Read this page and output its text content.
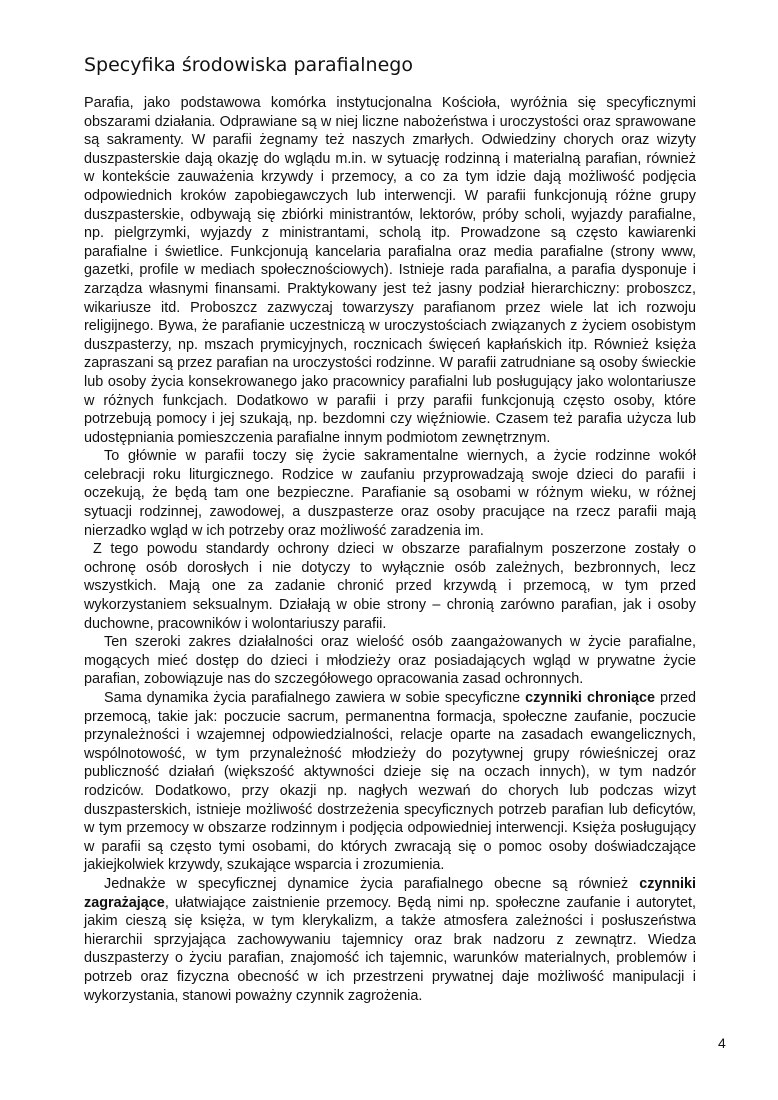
Specyfika środowiska parafialnego

Parafia, jako podstawowa komórka instytucjonalna Kościoła, wyróżnia się specyficznymi obszarami działania. Odprawiane są w niej liczne nabożeństwa i uroczystości oraz sprawowane są sakramenty. W parafii żegnamy też naszych zmarłych. Odwiedziny chorych oraz wizyty duszpasterskie dają okazję do wglądu m.in. w sytuację rodzinną i materialną parafian, również w kontekście zauważenia krzywdy i przemocy, a co za tym idzie dają możliwość podjęcia odpowiednich kroków zapobiegawczych lub interwencji. W parafii funkcjonują różne grupy duszpasterskie, odbywają się zbiórki ministrantów, lektorów, próby scholi, wyjazdy parafialne, np. pielgrzymki, wyjazdy z ministrantami, scholą itp. Prowadzone są często kawiarenki parafialne i świetlice. Funkcjonują kancelaria parafialna oraz media parafialne (strony www, gazetki, profile w mediach społecznościowych). Istnieje rada parafialna, a parafia dysponuje i zarządza własnymi finansami. Praktykowany jest też jasny podział hierarchiczny: proboszcz, wikariusze itd. Proboszcz zazwyczaj towarzyszy parafianom przez wiele lat ich rozwoju religijnego. Bywa, że parafianie uczestniczą w uroczystościach związanych z życiem osobistym duszpasterzy, np. mszach prymicyjnych, rocznicach święceń kapłańskich itp. Również księża zapraszani są przez parafian na uroczystości rodzinne. W parafii zatrudniane są osoby świeckie lub osoby życia konsekrowanego jako pracownicy parafialni lub posługujący jako wolontariusze w różnych funkcjach. Dodatkowo w parafii i przy parafii funkcjonują często osoby, które potrzebują pomocy i jej szukają, np. bezdomni czy więźniowie. Czasem też parafia użycza lub udostępniania pomieszczenia parafialne innym podmiotom zewnętrznym.

To głównie w parafii toczy się życie sakramentalne wiernych, a życie rodzinne wokół celebracji roku liturgicznego. Rodzice w zaufaniu przyprowadzają swoje dzieci do parafii i oczekują, że będą tam one bezpieczne. Parafianie są osobami w różnym wieku, w różnej sytuacji rodzinnej, zawodowej, a duszpasterze oraz osoby pracujące na rzecz parafii mają nierzadko wgląd w ich potrzeby oraz możliwość zaradzenia im.

Z tego powodu standardy ochrony dzieci w obszarze parafialnym poszerzone zostały o ochronę osób dorosłych i nie dotyczy to wyłącznie osób zależnych, bezbronnych, lecz wszystkich. Mają one za zadanie chronić przed krzywdą i przemocą, w tym przed wykorzystaniem seksualnym. Działają w obie strony – chronią zarówno parafian, jak i osoby duchowne, pracowników i wolontariuszy parafii.

Ten szeroki zakres działalności oraz wielość osób zaangażowanych w życie parafialne, mogących mieć dostęp do dzieci i młodzieży oraz posiadających wgląd w prywatne życie parafian, zobowiązuje nas do szczegółowego opracowania zasad ochronnych.

Sama dynamika życia parafialnego zawiera w sobie specyficzne czynniki chroniące przed przemocą, takie jak: poczucie sacrum, permanentna formacja, społeczne zaufanie, poczucie przynależności i wzajemnej odpowiedzialności, relacje oparte na zasadach ewangelicznych, wspólnotowość, w tym przynależność młodzieży do pozytywnej grupy rówieśniczej oraz publiczność działań (większość aktywności dzieje się na oczach innych), w tym nadzór rodziców. Dodatkowo, przy okazji np. nagłych wezwań do chorych lub podczas wizyt duszpasterskich, istnieje możliwość dostrzeżenia specyficznych potrzeb parafian lub deficytów, w tym przemocy w obszarze rodzinnym i podjęcia odpowiedniej interwencji. Księża posługujący w parafii są często tymi osobami, do których zwracają się o pomoc osoby doświadczające jakiejkolwiek krzywdy, szukające wsparcia i zrozumienia.

Jednakże w specyficznej dynamice życia parafialnego obecne są również czynniki zagrażające, ułatwiające zaistnienie przemocy. Będą nimi np. społeczne zaufanie i autorytet, jakim cieszą się księża, w tym klerykalizm, a także atmosfera zależności i posłuszeństwa hierarchii sprzyjająca zachowywaniu tajemnicy oraz brak nadzoru z zewnątrz. Wiedza duszpasterzy o życiu parafian, znajomość ich tajemnic, warunków materialnych, problemów i potrzeb oraz fizyczna obecność w ich przestrzeni prywatnej daje możliwość manipulacji i wykorzystania, stanowi poważny czynnik zagrożenia.

4
